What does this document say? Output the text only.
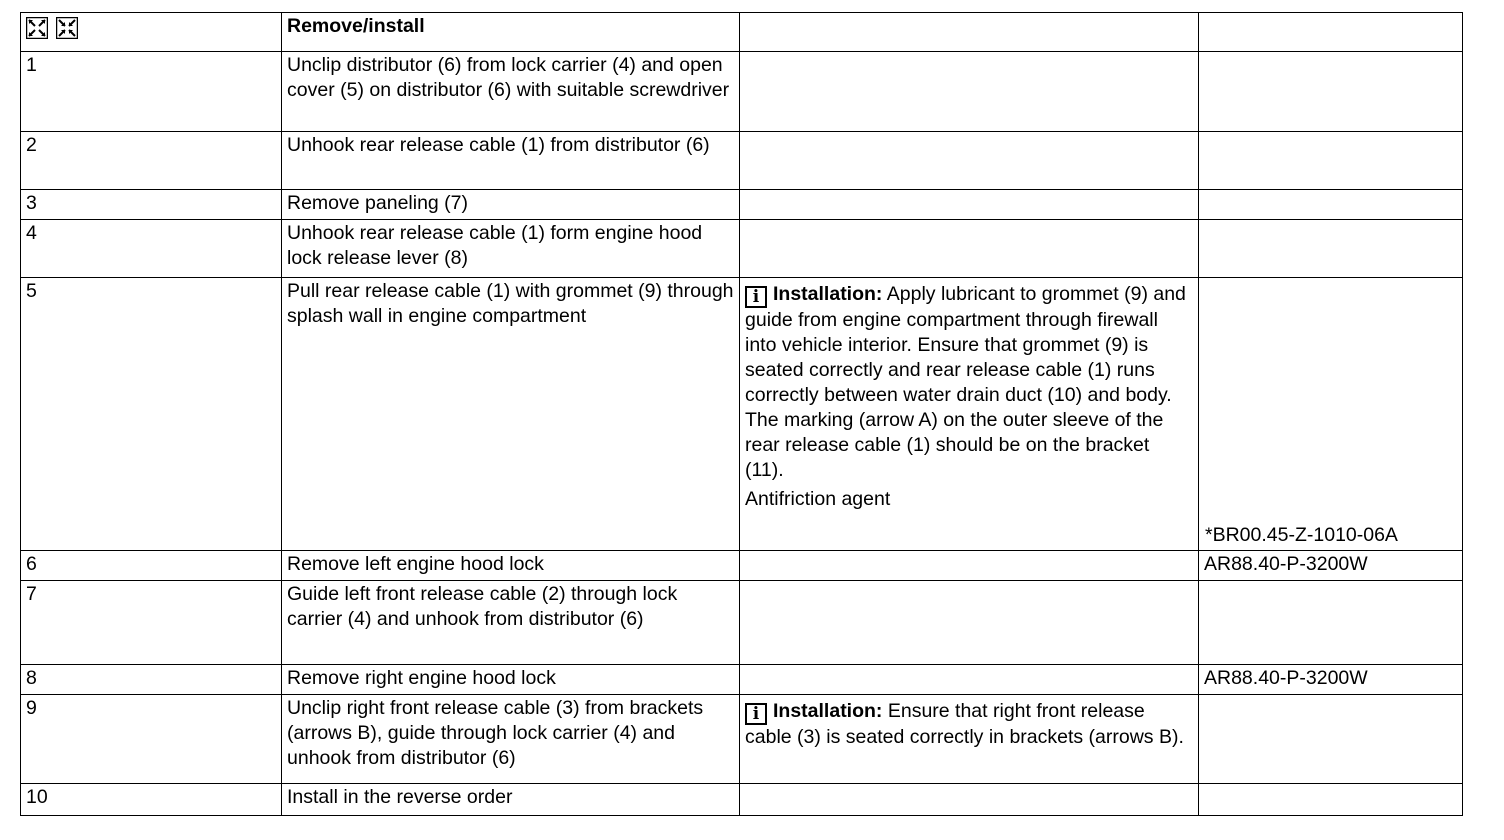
	Remove/install		
1	Unclip distributor (6) from lock carrier (4) and open cover (5) on distributor (6) with suitable screwdriver		
2	Unhook rear release cable (1) from distributor (6)		
3	Remove paneling (7)		
4	Unhook rear release cable (1) form engine hood lock release lever (8)		
5	Pull rear release cable (1) with grommet (9) through splash wall in engine compartment	i Installation: Apply lubricant to grommet (9) and guide from engine compartment through firewall into vehicle interior. Ensure that grommet (9) is seated correctly and rear release cable (1) runs correctly between water drain duct (10) and body.
The marking (arrow A) on the outer sleeve of the rear release cable (1) should be on the bracket (11).
Antifriction agent	*BR00.45-Z-1010-06A

6	Remove left engine hood lock		AR88.40-P-3200W
7	Guide left front release cable (2) through lock carrier (4) and unhook from distributor (6)		
8	Remove right engine hood lock		AR88.40-P-3200W
9	Unclip right front release cable (3) from brackets (arrows B), guide through lock carrier (4) and unhook from distributor (6)	i Installation: Ensure that right front release cable (3) is seated correctly in brackets (arrows B).	
10	Install in the reverse order		
